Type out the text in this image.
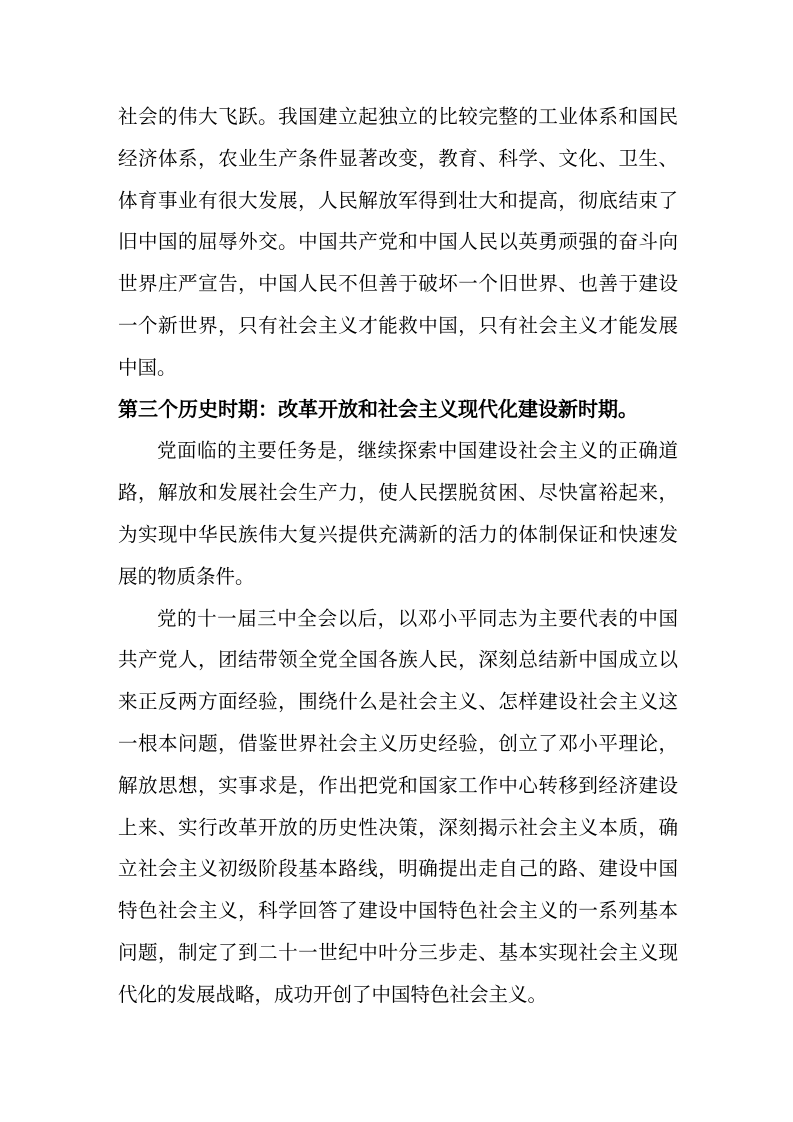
社会的伟大飞跃。我国建立起独立的比较完整的工业体系和国民经济体系，农业生产条件显著改变，教育、科学、文化、卫生、体育事业有很大发展，人民解放军得到壮大和提高，彻底结束了旧中国的屈辱外交。中国共产党和中国人民以英勇顽强的奋斗向世界庄严宣告，中国人民不但善于破坏一个旧世界、也善于建设一个新世界，只有社会主义才能救中国，只有社会主义才能发展中国。

第三个历史时期：改革开放和社会主义现代化建设新时期。

党面临的主要任务是，继续探索中国建设社会主义的正确道路，解放和发展社会生产力，使人民摆脱贫困、尽快富裕起来，为实现中华民族伟大复兴提供充满新的活力的体制保证和快速发展的物质条件。

党的十一届三中全会以后，以邓小平同志为主要代表的中国共产党人，团结带领全党全国各族人民，深刻总结新中国成立以来正反两方面经验，围绕什么是社会主义、怎样建设社会主义这一根本问题，借鉴世界社会主义历史经验，创立了邓小平理论，解放思想，实事求是，作出把党和国家工作中心转移到经济建设上来、实行改革开放的历史性决策，深刻揭示社会主义本质，确立社会主义初级阶段基本路线，明确提出走自己的路、建设中国特色社会主义，科学回答了建设中国特色社会主义的一系列基本问题，制定了到二十一世纪中叶分三步走、基本实现社会主义现代化的发展战略，成功开创了中国特色社会主义。
